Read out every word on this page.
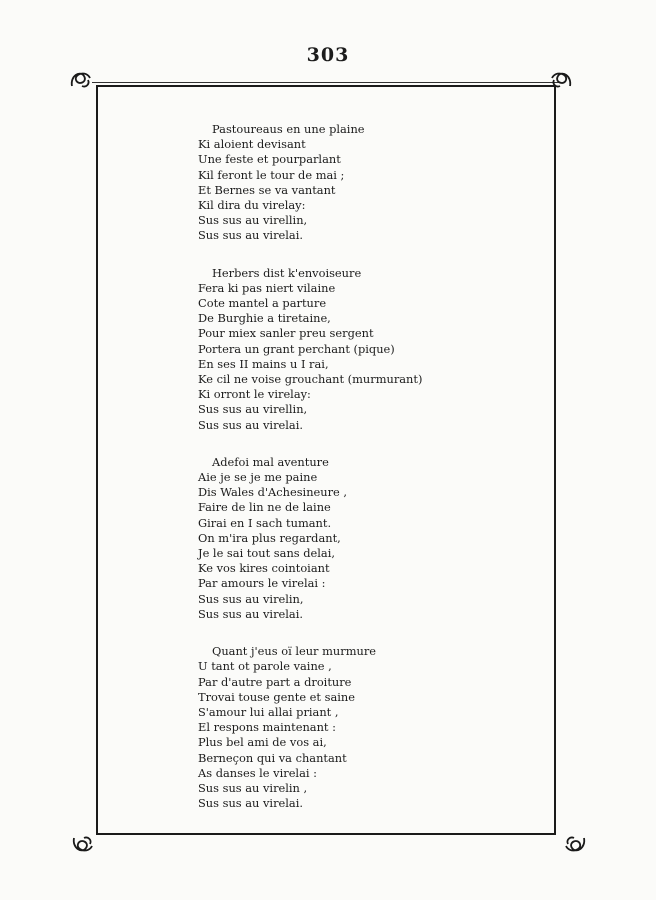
303
Pastoureaus en une plaine
Ki aloient devisant
Une feste et pourparlant
Kil feront le tour de mai ;
Et Bernes se va vantant
Kil dira du virelay:
Sus sus au virellin,
Sus sus au virelai.
Herbers dist k'envoiseure
Fera ki pas niert vilaine
Cote mantel a parture
De Burghie a tiretaine,
Pour miex sanler preu sergent
Portera un grant perchant (pique)
En ses II mains u I rai,
Ke cil ne voise grouchant (murmurant)
Ki orront le virelay:
Sus sus au virellin,
Sus sus au virelai.
Adefoi mal aventure
Aie je se je me paine
Dis Wales d'Achesineure ,
Faire de lin ne de laine
Girai en I sach tumant.
On m'ira plus regardant,
Je le sai tout sans delai,
Ke vos kires cointoiant
Par amours le virelai :
Sus sus au virelin,
Sus sus au virelai.
Quant j'eus oï leur murmure
U tant ot parole vaine ,
Par d'autre part a droiture
Trovai touse gente et saine
S'amour lui allai priant ,
El respons maintenant :
Plus bel ami de vos ai,
Berneçon qui va chantant
As danses le virelai :
Sus sus au virelin ,
Sus sus au virelai.
